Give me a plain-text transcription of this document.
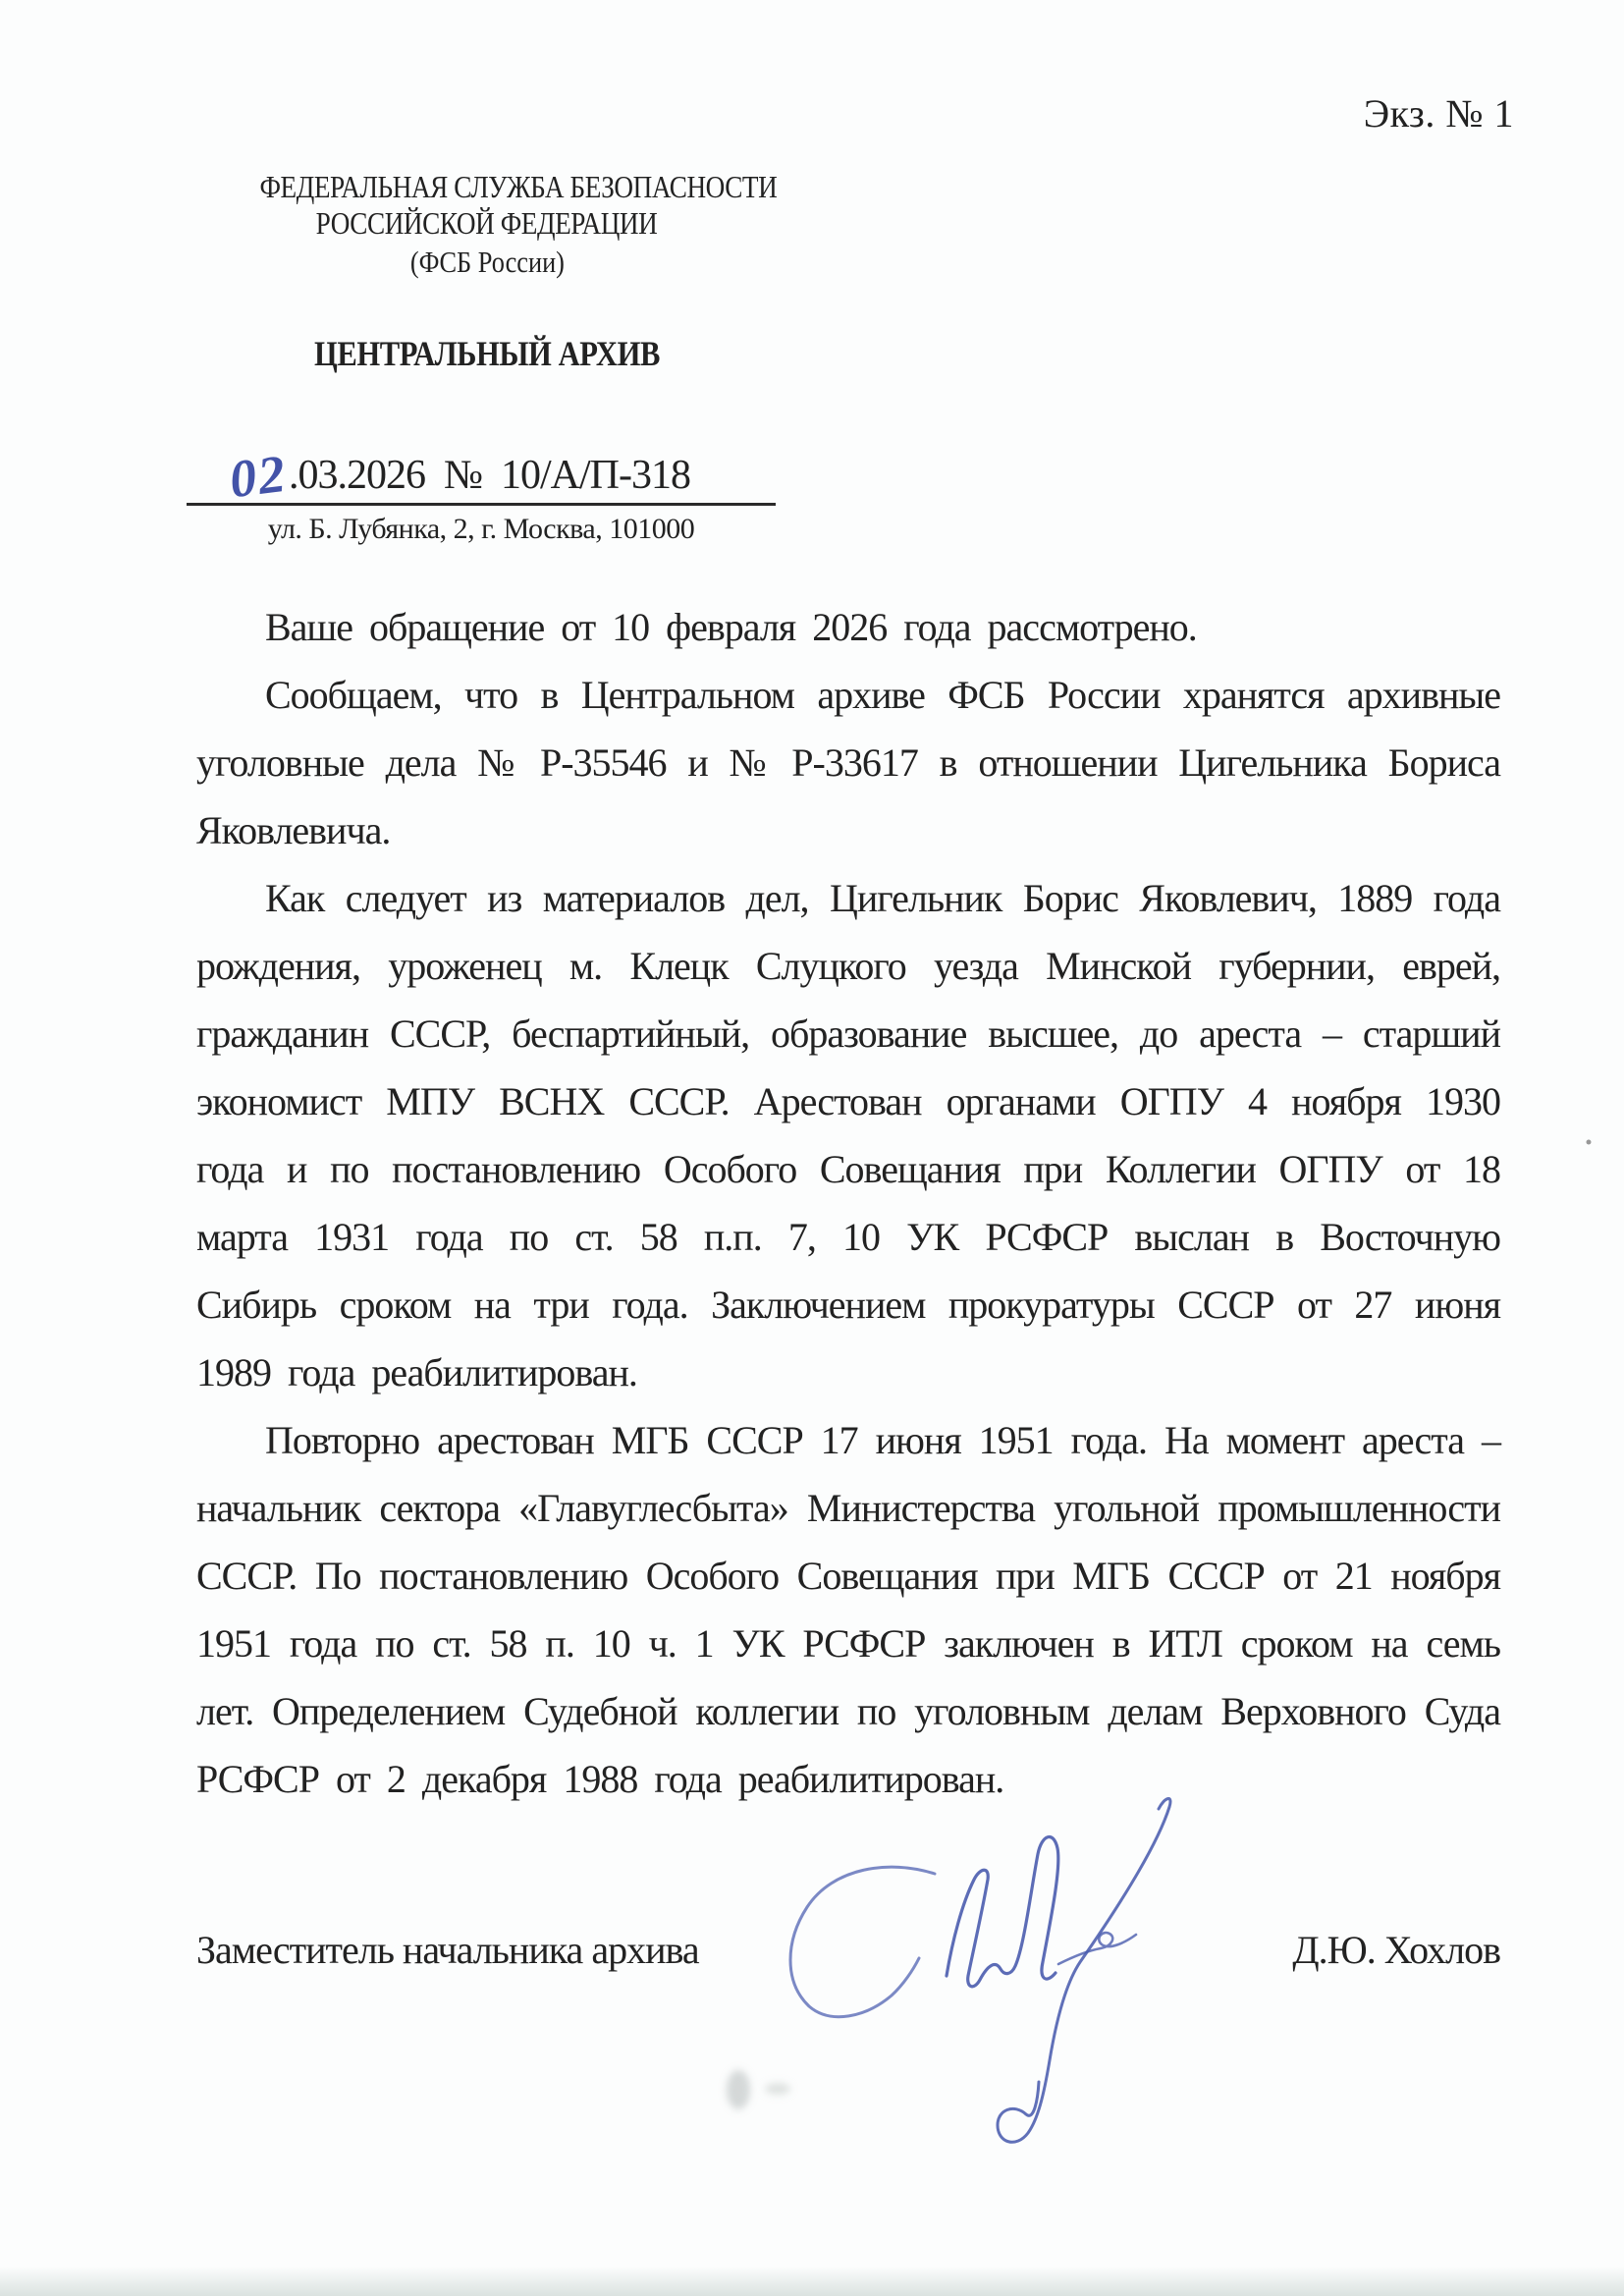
Экз. № 1
ФЕДЕРАЛЬНАЯ СЛУЖБА БЕЗОПАСНОСТИ
РОССИЙСКОЙ ФЕДЕРАЦИИ
(ФСБ России)
ЦЕНТРАЛЬНЫЙ АРХИВ
02
.03.2026 № 10/А/П-318
ул. Б. Лубянка, 2, г. Москва, 101000

Ваше обращение от 10 февраля 2026 года рассмотрено.

Сообщаем, что в Центральном архиве ФСБ России хранятся архивные уголовные дела № Р-35546 и № Р-33617 в отношении Цигельника Бориса Яковлевича.

Как следует из материалов дел, Цигельник Борис Яковлевич, 1889 года рождения, уроженец м. Клецк Слуцкого уезда Минской губернии, еврей, гражданин СССР, беспартийный, образование высшее, до ареста – старший экономист МПУ ВСНХ СССР. Арестован органами ОГПУ 4 ноября 1930 года и по постановлению Особого Совещания при Коллегии ОГПУ от 18 марта 1931 года по ст. 58 п.п. 7, 10 УК РСФСР выслан в Восточную Сибирь сроком на три года. Заключением прокуратуры СССР от 27 июня 1989 года реабилитирован.

Повторно арестован МГБ СССР 17 июня 1951 года. На момент ареста – начальник сектора «Главуглесбыта» Министерства угольной промышленности СССР. По постановлению Особого Совещания при МГБ СССР от 21 ноября 1951 года по ст. 58 п. 10 ч. 1 УК РСФСР заключен в ИТЛ сроком на семь лет. Определением Судебной коллегии по уголовным делам Верховного Суда РСФСР от 2 декабря 1988 года реабилитирован.

Заместитель начальника архива	Д.Ю. Хохлов
